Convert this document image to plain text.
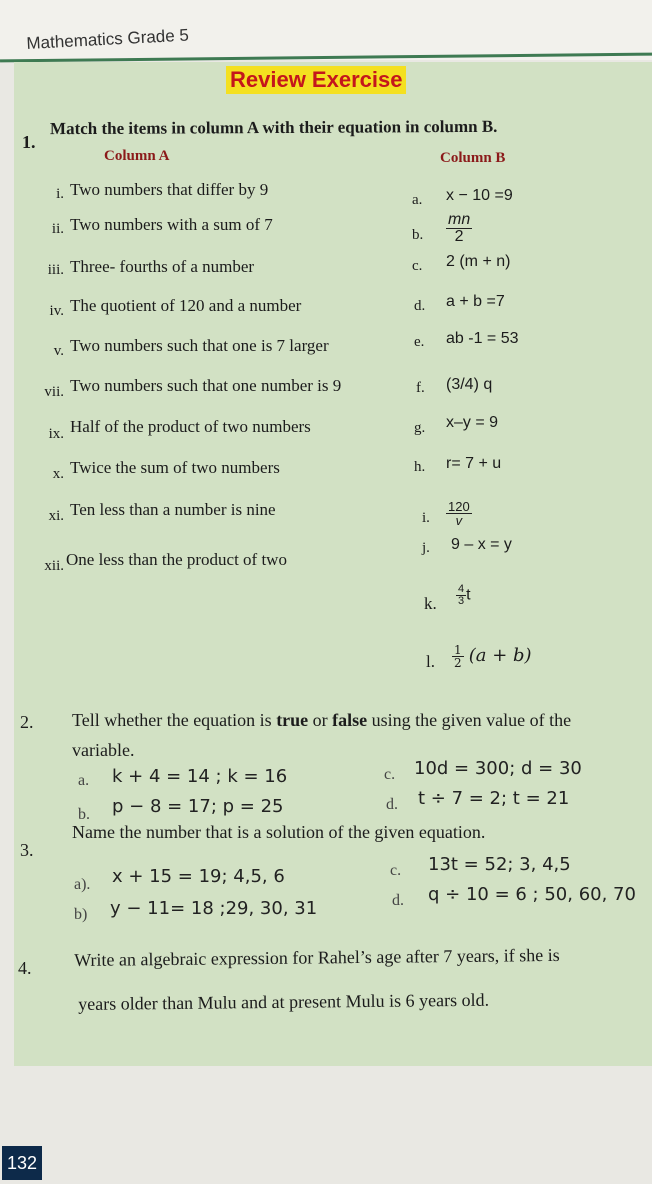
Mathematics Grade 5
Review Exercise
1.
Match the items in column A with their equation in column B.
Column A	Column B
i. Two numbers that differ by 9
ii. Two numbers with a sum of 7
iii. Three- fourths of a number
iv. The quotient of 120 and a number
v. Two numbers such that one is 7 larger
vii. Two numbers such that one number is 9
ix. Half of the product of two numbers
x. Twice the sum of two numbers
xi. Ten less than a number is nine
xii. One less than the product of two
a. x − 10 =9
b. $\frac{mn}{2}$
c. 2 (m + n)
d. a + b =7
e. ab -1 = 53
f. (3/4) q
g. x–y = 9
h. r= 7 + u
i. $\frac{120}{v}$
j. 9 – x = y
k. $\frac{4}{3}$ t
l. $\frac{1}{2} (a + b)$
2. Tell whether the equation is true or false using the given value of the
variable.
a. k + 4 = 14 ; k = 16	c. 10d = 300; d = 30
b. p − 8 = 17; p = 25	d. t ÷ 7 = 2; t = 21
3.
Name the number that is a solution of the given equation.
a). x + 15 = 19; 4,5, 6	c. 13t = 52; 3, 4,5
b) y − 11= 18 ;29, 30, 31	d. q ÷ 10 = 6 ; 50, 60, 70
4. Write an algebraic expression for Rahel’s age after 7 years, if she is
years older than Mulu and at present Mulu is 6 years old.
132
